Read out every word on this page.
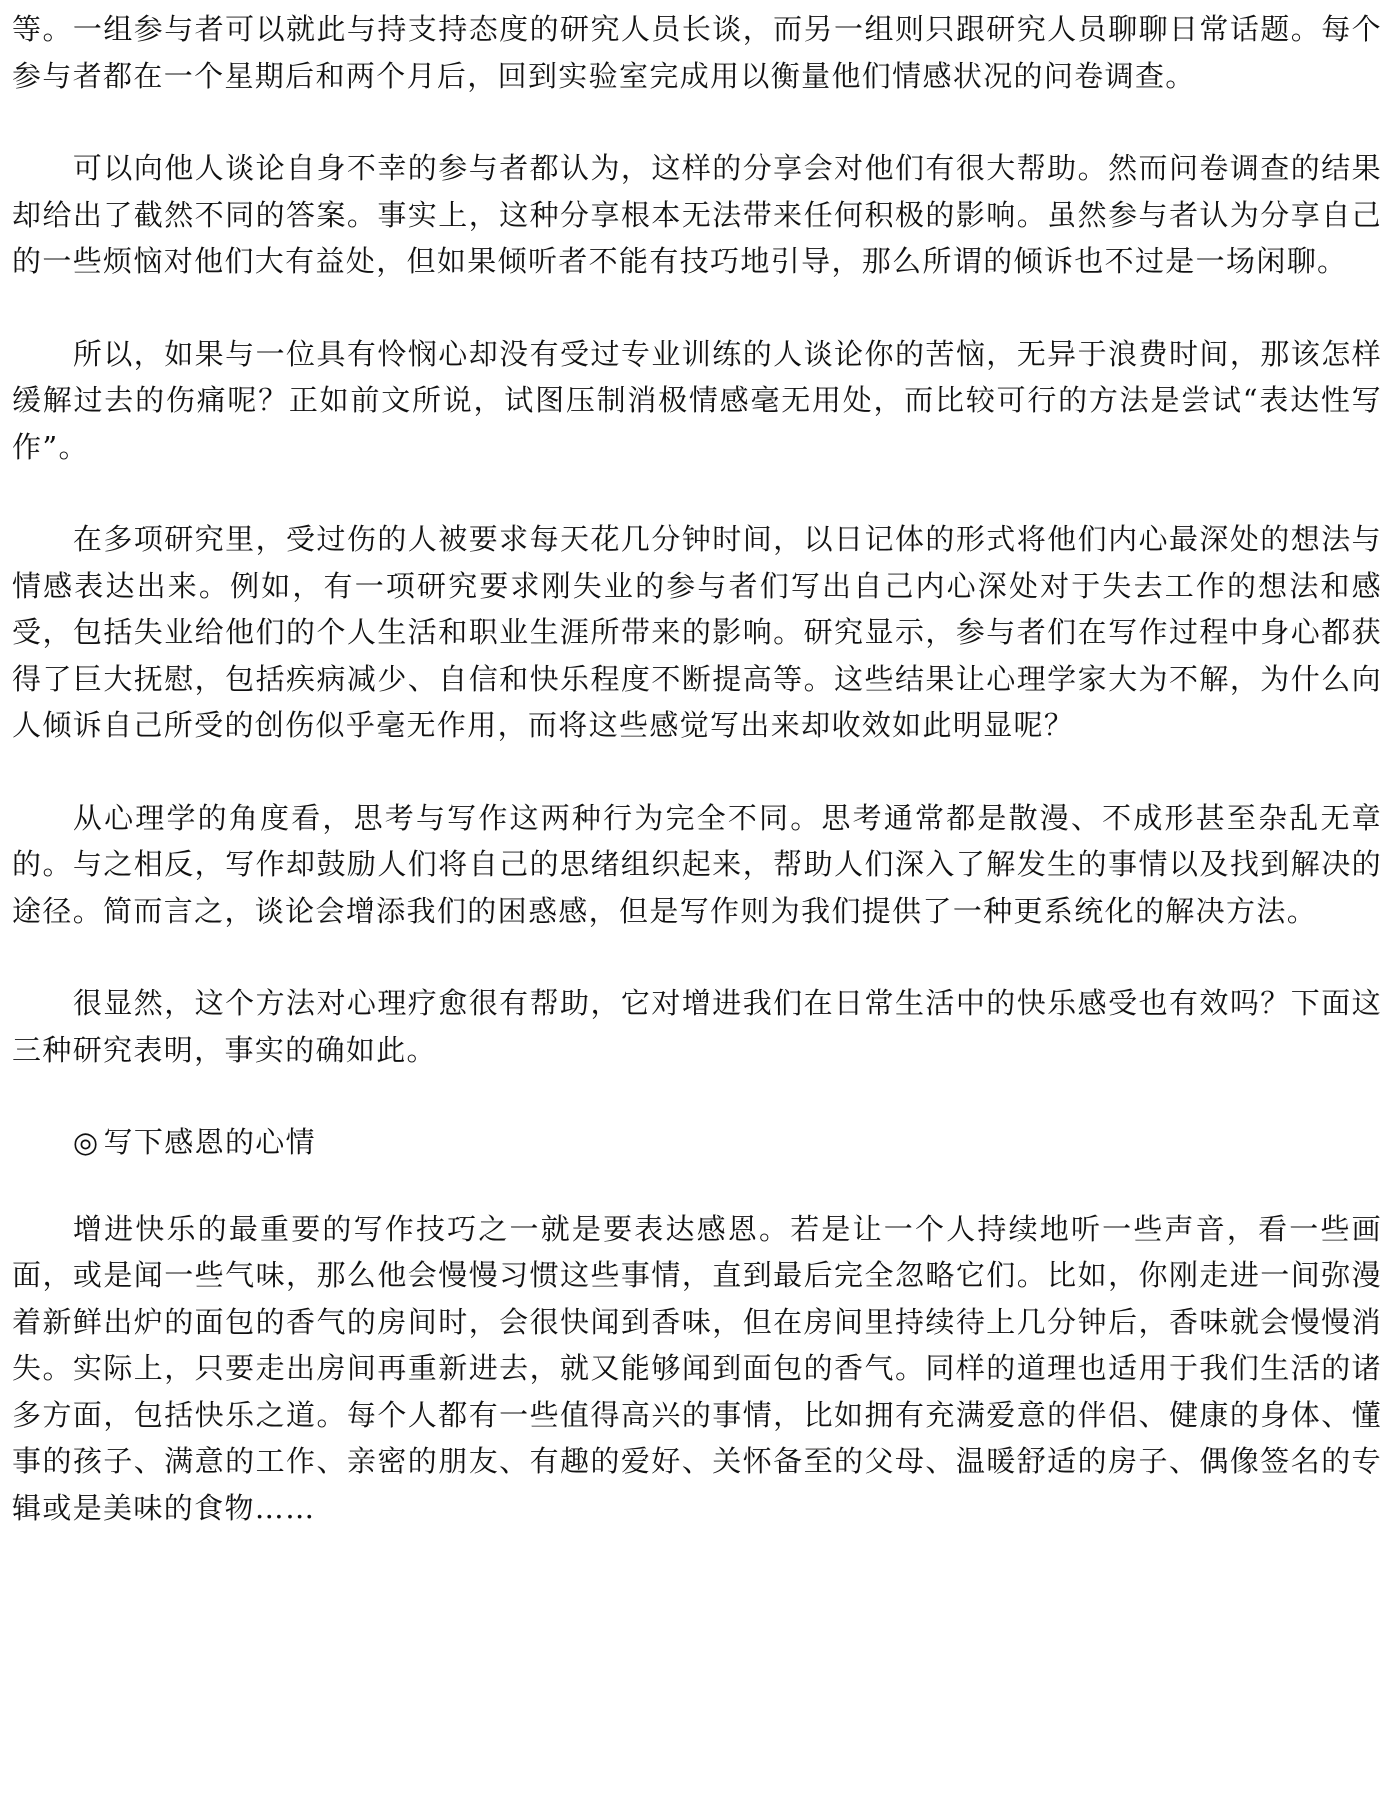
等。一组参与者可以就此与持支持态度的研究人员长谈，而另一组则只跟研究人员聊聊日常话题。每个参与者都在一个星期后和两个月后，回到实验室完成用以衡量他们情感状况的问卷调查。

可以向他人谈论自身不幸的参与者都认为，这样的分享会对他们有很大帮助。然而问卷调查的结果却给出了截然不同的答案。事实上，这种分享根本无法带来任何积极的影响。虽然参与者认为分享自己的一些烦恼对他们大有益处，但如果倾听者不能有技巧地引导，那么所谓的倾诉也不过是一场闲聊。

所以，如果与一位具有怜悯心却没有受过专业训练的人谈论你的苦恼，无异于浪费时间，那该怎样缓解过去的伤痛呢？正如前文所说，试图压制消极情感毫无用处，而比较可行的方法是尝试“表达性写作”。

在多项研究里，受过伤的人被要求每天花几分钟时间，以日记体的形式将他们内心最深处的想法与情感表达出来。例如，有一项研究要求刚失业的参与者们写出自己内心深处对于失去工作的想法和感受，包括失业给他们的个人生活和职业生涯所带来的影响。研究显示，参与者们在写作过程中身心都获得了巨大抚慰，包括疾病减少、自信和快乐程度不断提高等。这些结果让心理学家大为不解，为什么向人倾诉自己所受的创伤似乎毫无作用，而将这些感觉写出来却收效如此明显呢？

从心理学的角度看，思考与写作这两种行为完全不同。思考通常都是散漫、不成形甚至杂乱无章的。与之相反，写作却鼓励人们将自己的思绪组织起来，帮助人们深入了解发生的事情以及找到解决的途径。简而言之，谈论会增添我们的困惑感，但是写作则为我们提供了一种更系统化的解决方法。

很显然，这个方法对心理疗愈很有帮助，它对增进我们在日常生活中的快乐感受也有效吗？下面这三种研究表明，事实的确如此。

◎ 写下感恩的心情

增进快乐的最重要的写作技巧之一就是要表达感恩。若是让一个人持续地听一些声音，看一些画面，或是闻一些气味，那么他会慢慢习惯这些事情，直到最后完全忽略它们。比如，你刚走进一间弥漫着新鲜出炉的面包的香气的房间时，会很快闻到香味，但在房间里持续待上几分钟后，香味就会慢慢消失。实际上，只要走出房间再重新进去，就又能够闻到面包的香气。同样的道理也适用于我们生活的诸多方面，包括快乐之道。每个人都有一些值得高兴的事情，比如拥有充满爱意的伴侣、健康的身体、懂事的孩子、满意的工作、亲密的朋友、有趣的爱好、关怀备至的父母、温暖舒适的房子、偶像签名的专辑或是美味的食物……
